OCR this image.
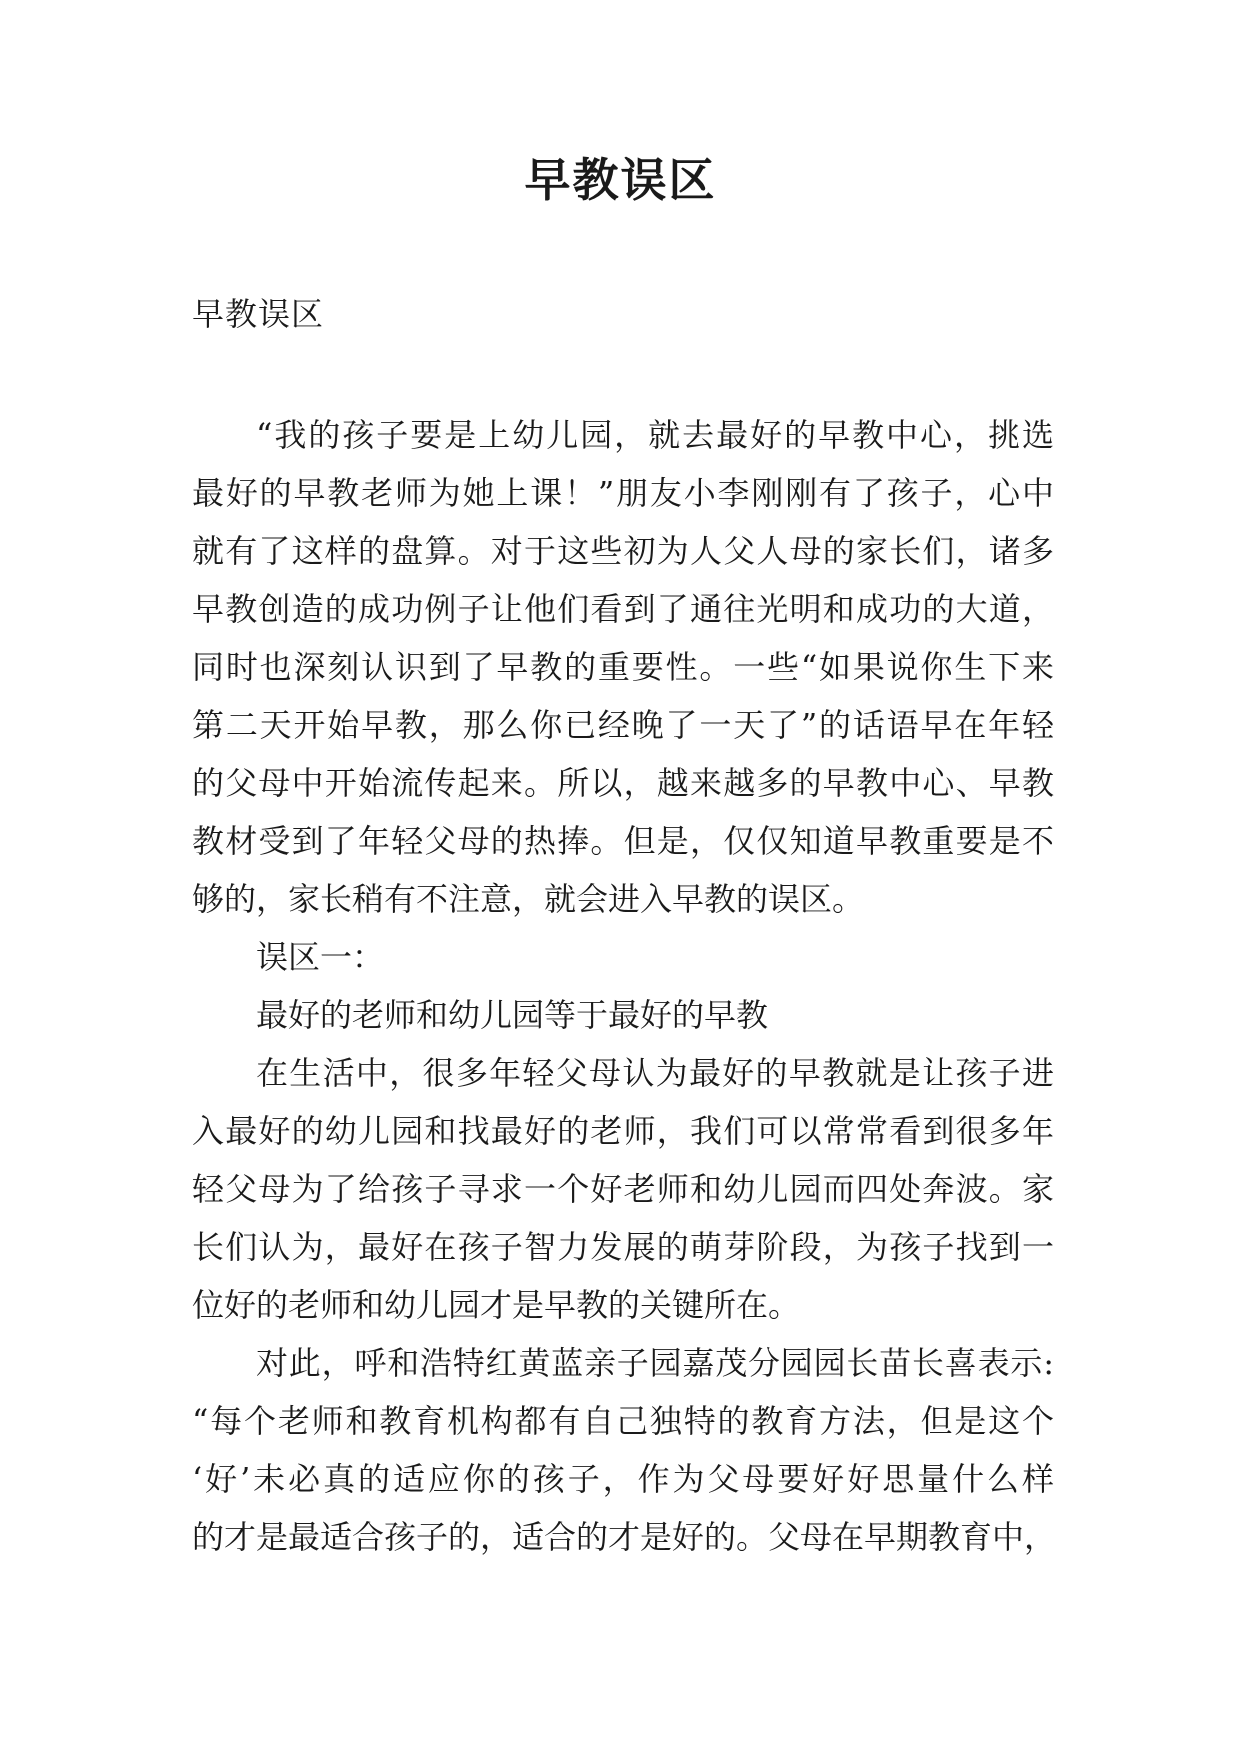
早教误区

早教误区

“我的孩子要是上幼儿园，就去最好的早教中心，挑选
最好的早教老师为她上课！”朋友小李刚刚有了孩子，心中
就有了这样的盘算。对于这些初为人父人母的家长们，诸多
早教创造的成功例子让他们看到了通往光明和成功的大道，
同时也深刻认识到了早教的重要性。一些“如果说你生下来
第二天开始早教，那么你已经晚了一天了”的话语早在年轻
的父母中开始流传起来。所以，越来越多的早教中心、早教
教材受到了年轻父母的热捧。但是，仅仅知道早教重要是不
够的，家长稍有不注意，就会进入早教的误区。
误区一：
最好的老师和幼儿园等于最好的早教
在生活中，很多年轻父母认为最好的早教就是让孩子进
入最好的幼儿园和找最好的老师，我们可以常常看到很多年
轻父母为了给孩子寻求一个好老师和幼儿园而四处奔波。家
长们认为，最好在孩子智力发展的萌芽阶段，为孩子找到一
位好的老师和幼儿园才是早教的关键所在。
对此，呼和浩特红黄蓝亲子园嘉茂分园园长苗长喜表示:
“每个老师和教育机构都有自己独特的教育方法，但是这个
‘好’未必真的适应你的孩子，作为父母要好好思量什么样
的才是最适合孩子的，适合的才是好的。父母在早期教育中，
